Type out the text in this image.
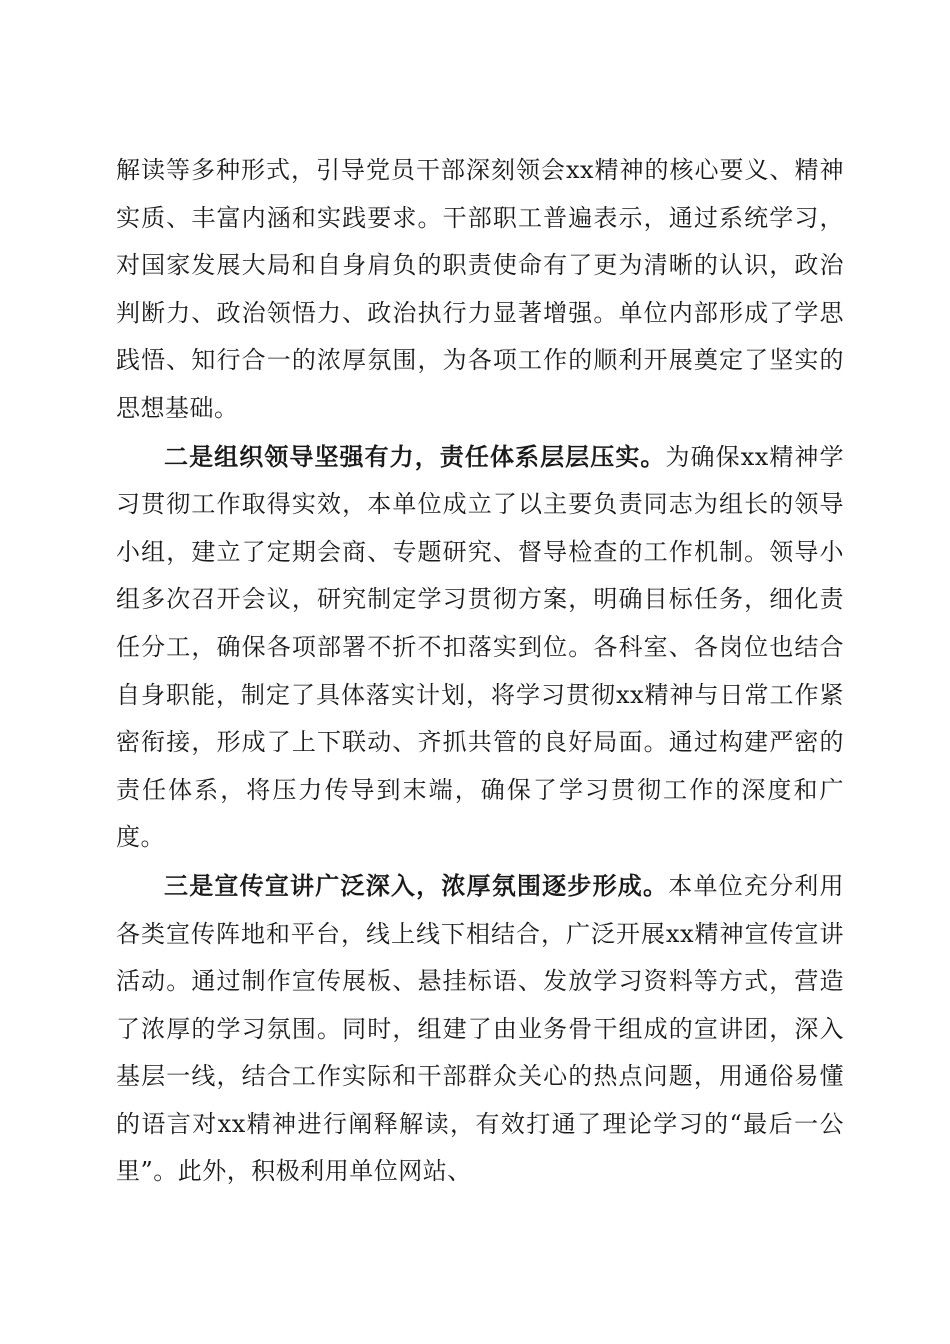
解读等多种形式，引导党员干部深刻领会xx精神的核心要义、精神实质、丰富内涵和实践要求。干部职工普遍表示，通过系统学习，对国家发展大局和自身肩负的职责使命有了更为清晰的认识，政治判断力、政治领悟力、政治执行力显著增强。单位内部形成了学思践悟、知行合一的浓厚氛围，为各项工作的顺利开展奠定了坚实的思想基础。

二是组织领导坚强有力，责任体系层层压实。为确保xx精神学习贯彻工作取得实效，本单位成立了以主要负责同志为组长的领导小组，建立了定期会商、专题研究、督导检查的工作机制。领导小组多次召开会议，研究制定学习贯彻方案，明确目标任务，细化责任分工，确保各项部署不折不扣落实到位。各科室、各岗位也结合自身职能，制定了具体落实计划，将学习贯彻xx精神与日常工作紧密衔接，形成了上下联动、齐抓共管的良好局面。通过构建严密的责任体系，将压力传导到末端，确保了学习贯彻工作的深度和广度。

三是宣传宣讲广泛深入，浓厚氛围逐步形成。本单位充分利用各类宣传阵地和平台，线上线下相结合，广泛开展xx精神宣传宣讲活动。通过制作宣传展板、悬挂标语、发放学习资料等方式，营造了浓厚的学习氛围。同时，组建了由业务骨干组成的宣讲团，深入基层一线，结合工作实际和干部群众关心的热点问题，用通俗易懂的语言对xx精神进行阐释解读，有效打通了理论学习的“最后一公里”。此外，积极利用单位网站、
